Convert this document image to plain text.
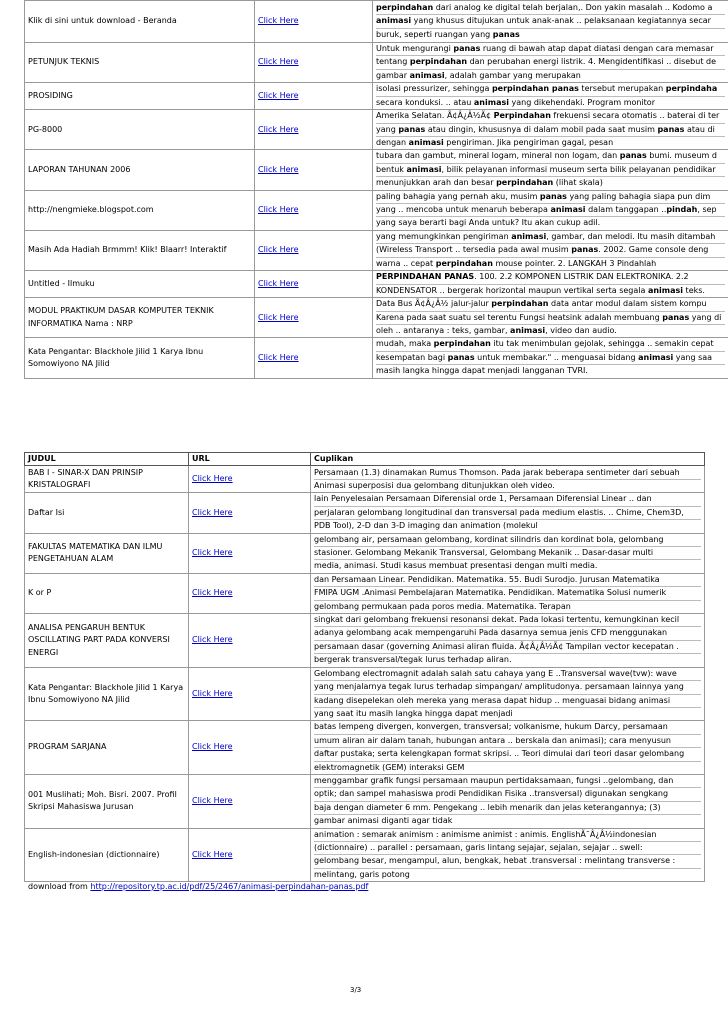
Klik di sini untuk download - Beranda	Click Here	perpindahan dari analog ke digital telah berjalan,. Don yakin masalah .. Kodomo a
animasi yang khusus ditujukan untuk anak-anak .. pelaksanaan kegiatannya secar
buruk, seperti ruangan yang panas

PETUNJUK TEKNIS	Click Here	Untuk mengurangi panas ruang di bawah atap dapat diatasi dengan cara memasar
tentang perpindahan dan perubahan energi listrik. 4. Mengidentifikasi .. disebut de
gambar animasi, adalah gambar yang merupakan

PROSIDING	Click Here	isolasi pressurizer, sehingga perpindahan panas tersebut merupakan perpindaha
secara konduksi. .. atau animasi yang dikehendaki. Program monitor

PG-8000	Click Here	Amerika Selatan. Ã¢Â¿Â½Ã¢ Perpindahan frekuensi secara otomatis .. baterai di ter
yang panas atau dingin, khususnya di dalam mobil pada saat musim panas atau di
dengan animasi pengiriman. Jika pengiriman gagal, pesan

LAPORAN TAHUNAN 2006	Click Here	tubara dan gambut, mineral logam, mineral non logam, dan panas bumi. museum d
bentuk animasi, bilik pelayanan informasi museum serta bilik pelayanan pendidikar
menunjukkan arah dan besar perpindahan (lihat skala)

http://nengmieke.blogspot.com	Click Here	paling bahagia yang pernah aku, musim panas yang paling bahagia siapa pun dim
yang .. mencoba untuk menaruh beberapa animasi dalam tanggapan ..pindah, sep
yang saya berarti bagi Anda untuk? Itu akan cukup adil.

Masih Ada Hadiah Brmmm! Klik! Blaarr! Interaktif	Click Here	yang memungkinkan pengiriman animasi, gambar, dan melodi. Itu masih ditambah
(Wireless Transport .. tersedia pada awal musim panas. 2002. Game console deng
warna .. cepat perpindahan mouse pointer. 2. LANGKAH 3 Pindahlah

Untitled - Ilmuku	Click Here	PERPINDAHAN PANAS. 100. 2.2 KOMPONEN LISTRIK DAN ELEKTRONIKA. 2.2
KONDENSATOR .. bergerak horizontal maupun vertikal serta segala animasi teks.

MODUL PRAKTIKUM DASAR KOMPUTER TEKNIK INFORMATIKA Nama : NRP	Click Here	Data Bus Ã¢Â¿Â½ jalur-jalur perpindahan data antar modul dalam sistem kompu
Karena pada saat suatu sel terentu Fungsi heatsink adalah membuang panas yang di
oleh .. antaranya : teks, gambar, animasi, video dan audio.

Kata Pengantar: Blackhole Jilid 1 Karya Ibnu Somowiyono NA Jilid	Click Here	mudah, maka perpindahan itu tak menimbulan gejolak, sehingga .. semakin cepat
kesempatan bagi panas untuk membakar." .. menguasai bidang animasi yang saa
masih langka hingga dapat menjadi langganan TVRI.
JUDUL	URL	Cuplikan
BAB I - SINAR-X DAN PRINSIP KRISTALOGRAFI	Click Here	Persamaan (1.3) dinamakan Rumus Thomson. Pada jarak beberapa sentimeter dari sebuah
Animasi superposisi dua gelombang ditunjukkan oleh video.

Daftar Isi	Click Here	lain Penyelesaian Persamaan Diferensial orde 1, Persamaan Diferensial Linear .. dan
perjalaran gelombang longitudinal dan transversal pada medium elastis. .. Chime, Chem3D,
PDB Tool), 2-D dan 3-D imaging dan animation (molekul

FAKULTAS MATEMATIKA DAN ILMU PENGETAHUAN ALAM	Click Here	gelombang air, persamaan gelombang, kordinat silindris dan kordinat bola, gelombang
stasioner. Gelombang Mekanik Transversal, Gelombang Mekanik .. Dasar-dasar multi
media, animasi. Studi kasus membuat presentasi dengan multi media.

K or P	Click Here	dan Persamaan Linear. Pendidikan. Matematika. 55. Budi Surodjo. Jurusan Matematika
FMIPA UGM .Animasi Pembelajaran Matematika. Pendidikan. Matematika Solusi numerik
gelombang permukaan pada poros media. Matematika. Terapan

ANALISA PENGARUH BENTUK OSCILLATING PART PADA KONVERSI ENERGI	Click Here	singkat dari gelombang frekuensi resonansi dekat. Pada lokasi tertentu, kemungkinan kecil
adanya gelombang acak mempengaruhi Pada dasarnya semua jenis CFD menggunakan
persamaan dasar (governing Animasi aliran fluida. Ã¢Â¿Â½Ã¢ Tampilan vector kecepatan .
bergerak transversal/tegak lurus terhadap aliran.

Kata Pengantar: Blackhole Jilid 1 Karya Ibnu Somowiyono NA Jilid	Click Here	Gelombang electromagnit adalah salah satu cahaya yang E ..Transversal wave(tvw): wave
yang menjalarnya tegak lurus terhadap simpangan/ amplitudonya. persamaan lainnya yang
kadang disepelekan oleh mereka yang merasa dapat hidup .. menguasai bidang animasi
yang saat itu masih langka hingga dapat menjadi

PROGRAM SARJANA	Click Here	batas lempeng divergen, konvergen, transversal; volkanisme, hukum Darcy, persamaan
umum aliran air dalam tanah, hubungan antara .. berskala dan animasi); cara menyusun
daftar pustaka; serta kelengkapan format skripsi. .. Teori dimulai dari teori dasar gelombang
elektromagnetik (GEM) interaksi GEM

001 Muslihati; Moh. Bisri. 2007. Profil Skripsi Mahasiswa Jurusan	Click Here	menggambar grafik fungsi persamaan maupun pertidaksamaan, fungsi ..gelombang, dan
optik; dan sampel mahasiswa prodi Pendidikan Fisika ..transversal) digunakan sengkang
baja dengan diameter 6 mm. Pengekang .. lebih menarik dan jelas keterangannya; (3)
gambar animasi diganti agar tidak

English-indonesian (dictionnaire)	Click Here	animation : semarak animism : animisme animist : animis. EnglishÃ¯Â¿Â½indonesian
(dictionnaire) .. parallel : persamaan, garis lintang sejajar, sejalan, sejajar .. swell:
gelombang besar, mengampul, alun, bengkak, hebat .transversal : melintang transverse :
melintang, garis potong
download from http://repository.tp.ac.id/pdf/25/2467/animasi-perpindahan-panas.pdf
3/3
